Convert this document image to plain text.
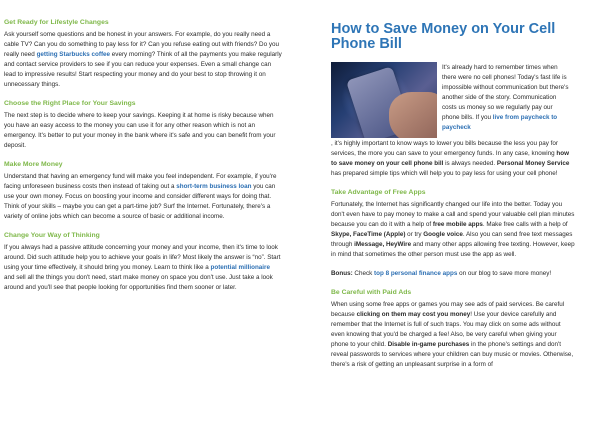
Get Ready for Lifestyle Changes

Ask yourself some questions and be honest in your answers. For example, do you really need a cable TV? Can you do something to pay less for it? Can you refuse eating out with friends? Do you really need getting Starbucks coffee every morning? Think of all the payments you make regularly and contact service providers to see if you can reduce your expenses. Even a small change can lead to impressive results! Start respecting your money and do your best to stop throwing it on unnecessary things.

Choose the Right Place for Your Savings

The next step is to decide where to keep your savings. Keeping it at home is risky because when you have an easy access to the money you can use it for any other reason which is not an emergency. It's better to put your money in the bank where it's safe and you can benefit from your deposit.

Make More Money

Understand that having an emergency fund will make you feel independent. For example, if you're facing unforeseen business costs then instead of taking out a short-term business loan you can use your own money. Focus on boosting your income and consider different ways for doing that. Think of your skills – maybe you can get a part-time job? Surf the Internet. Fortunately, there's a variety of online jobs which can become a source of basic or additional income.

Change Your Way of Thinking

If you always had a passive attitude concerning your money and your income, then it's time to look around. Did such attitude help you to achieve your goals in life? Most likely the answer is “no”. Start using your time effectively, it should bring you money. Learn to think like a potential millionaire and sell all the things you don't need, start make money on space you don't use. Just take a look around and you'll see that people looking for opportunities find them sooner or later.

How to Save Money on Your Cell Phone Bill

It's already hard to remember times when there were no cell phones! Today's fast life is impossible without communication but there's another side of the story. Communication costs us money so we regularly pay our phone bills. If you live from paycheck to paycheck

, it's highly important to know ways to lower you bills because the less you pay for services, the more you can save to your emergency funds. In any case, knowing how to save money on your cell phone bill is always needed. Personal Money Service has prepared simple tips which will help you to pay less for using your cell phone!

Take Advantage of Free Apps

Fortunately, the Internet has significantly changed our life into the better. Today you don't even have to pay money to make a call and spend your valuable cell plan minutes because you can do it with a help of free mobile apps. Make free calls with a help of Skype, FaceTime (Apple) or try Google voice. Also you can send free text messages through iMessage, HeyWire and many other apps allowing free texting. However, keep in mind that sometimes the other person must use the app as well.

Bonus: Check top 8 personal finance apps on our blog to save more money!

Be Careful with Paid Ads

When using some free apps or games you may see ads of paid services. Be careful because clicking on them may cost you money! Use your device carefully and remember that the Internet is full of such traps. You may click on some ads without even knowing that you'd be charged a fee! Also, be very careful when giving your phone to your child. Disable in-game purchases in the phone's settings and don't reveal passwords to services where your children can buy music or movies. Otherwise, there's a risk of getting an unpleasant surprise in a form of
